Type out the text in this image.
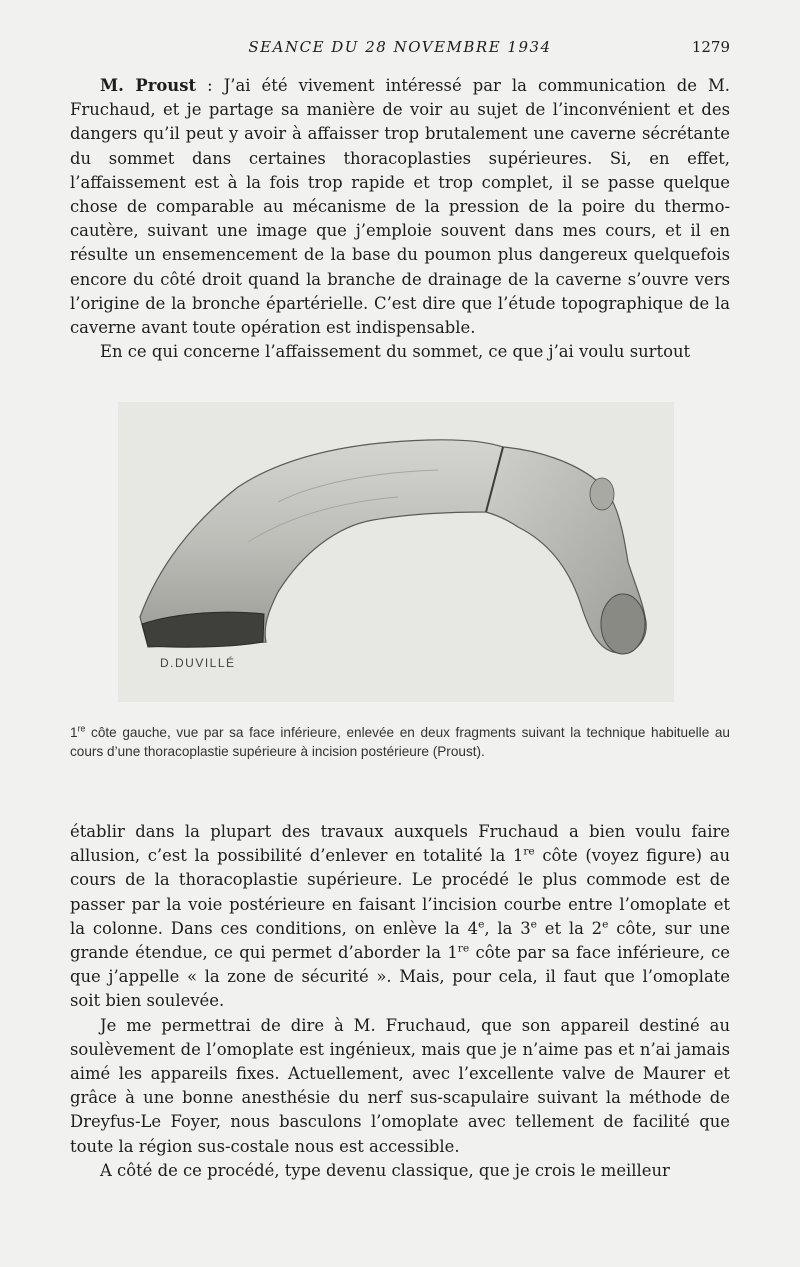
SEANCE DU 28 NOVEMBRE 1934	1279

M. Proust : J’ai été vivement intéressé par la communication de M. Fruchaud, et je partage sa manière de voir au sujet de l’inconvénient et des dangers qu’il peut y avoir à affaisser trop brutalement une caverne sécrétante du sommet dans certaines thoracoplasties supérieures. Si, en effet, l’affaissement est à la fois trop rapide et trop complet, il se passe quelque chose de comparable au mécanisme de la pression de la poire du thermo-cautère, suivant une image que j’emploie souvent dans mes cours, et il en résulte un ensemencement de la base du poumon plus dangereux quelquefois encore du côté droit quand la branche de drainage de la caverne s’ouvre vers l’origine de la bronche épartérielle. C’est dire que l’étude topographique de la caverne avant toute opération est indispensable.

En ce qui concerne l’affaissement du sommet, ce que j’ai voulu surtout

D.DUVILLÉ
1re côte gauche, vue par sa face inférieure, enlevée en deux fragments suivant la technique habituelle au cours d’une thoracoplastie supérieure à incision postérieure (Proust).

établir dans la plupart des travaux auxquels Fruchaud a bien voulu faire allusion, c’est la possibilité d’enlever en totalité la 1re côte (voyez figure) au cours de la thoracoplastie supérieure. Le procédé le plus commode est de passer par la voie postérieure en faisant l’incision courbe entre l’omoplate et la colonne. Dans ces conditions, on enlève la 4e, la 3e et la 2e côte, sur une grande étendue, ce qui permet d’aborder la 1re côte par sa face inférieure, ce que j’appelle « la zone de sécurité ». Mais, pour cela, il faut que l’omoplate soit bien soulevée.

Je me permettrai de dire à M. Fruchaud, que son appareil destiné au soulèvement de l’omoplate est ingénieux, mais que je n’aime pas et n’ai jamais aimé les appareils fixes. Actuellement, avec l’excellente valve de Maurer et grâce à une bonne anesthésie du nerf sus-scapulaire suivant la méthode de Dreyfus-Le Foyer, nous basculons l’omoplate avec tellement de facilité que toute la région sus-costale nous est accessible.

A côté de ce procédé, type devenu classique, que je crois le meilleur
